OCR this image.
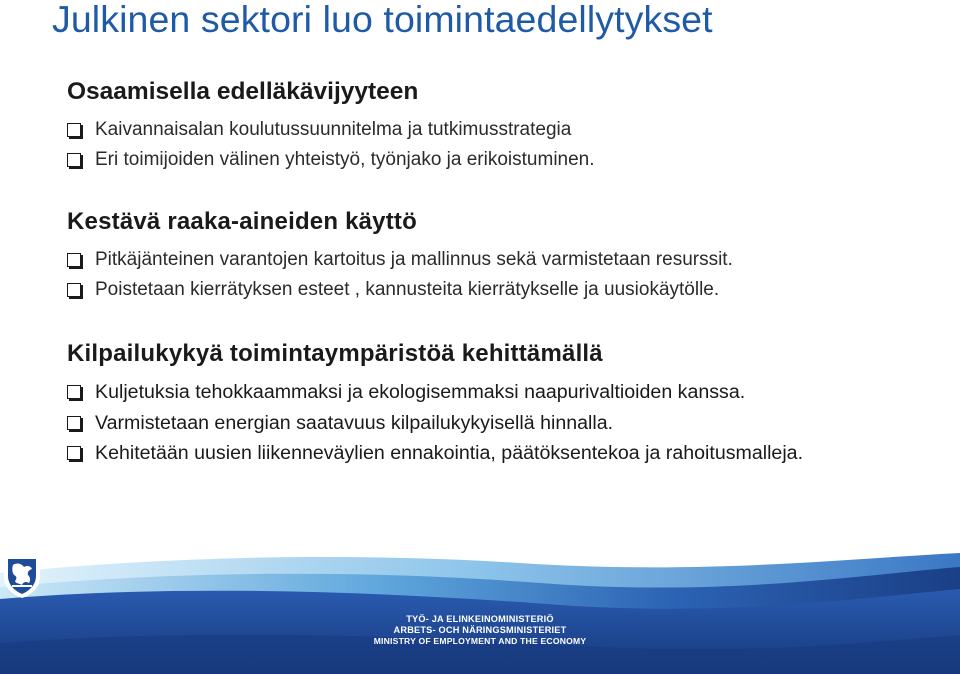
Julkinen sektori luo toimintaedellytykset
Osaamisella edelläkävijyyteen
Kaivannaisalan koulutussuunnitelma ja tutkimusstrategia
Eri toimijoiden välinen yhteistyö, työnjako ja erikoistuminen.
Kestävä raaka-aineiden käyttö
Pitkäjänteinen varantojen kartoitus ja mallinnus sekä varmistetaan resurssit.
Poistetaan kierrätyksen esteet , kannusteita kierrätykselle ja uusiokäytölle.
Kilpailukykyä toimintaympäristöä kehittämällä
Kuljetuksia tehokkaammaksi ja ekologisemmaksi naapurivaltioiden kanssa.
Varmistetaan energian saatavuus kilpailukykyisellä hinnalla.
Kehitetään uusien liikenneväylien ennakointia, päätöksentekoa ja rahoitusmalleja.

TYÖ- JA ELINKEINOMINISTERIÖ

ARBETS- OCH NÄRINGSMINISTERIET

MINISTRY OF EMPLOYMENT AND THE ECONOMY
